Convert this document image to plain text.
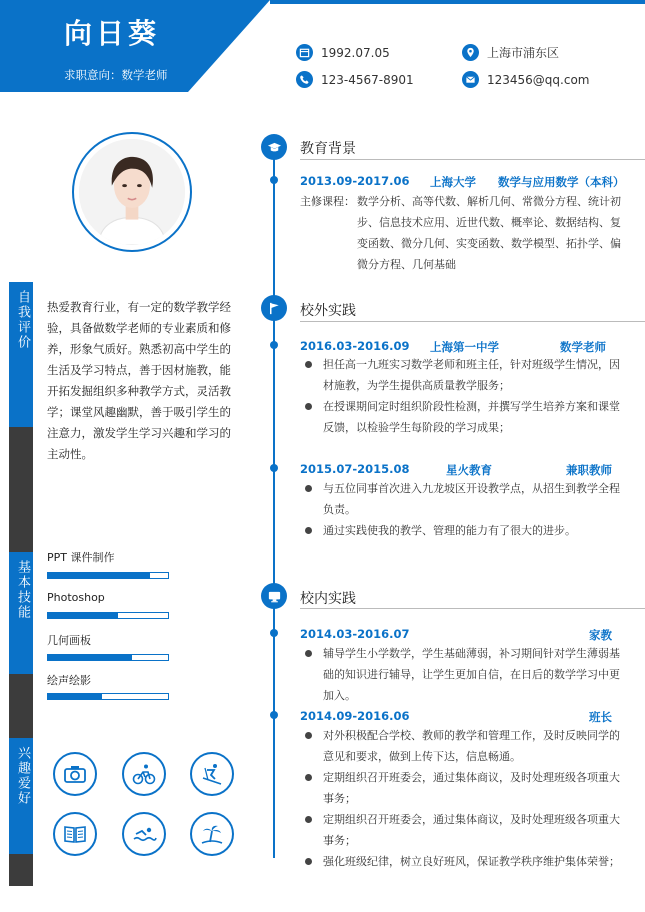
向日葵
求职意向：数学老师
1992.07.05	上海市浦东区
123-4567-8901	123456@qq.com
自我评价
基本技能
兴趣爱好
热爱教育行业，有一定的数学教学经验，具备做数学老师的专业素质和修养，形象气质好。熟悉初高中学生的生活及学习特点，善于因材施教，能开拓发掘组织多种教学方式，灵活教学；课堂风趣幽默，善于吸引学生的注意力，激发学生学习兴趣和学习的主动性。
PPT 课件制作
Photoshop
几何画板
绘声绘影
教育背景
2013.09-2017.06 上海大学 数学与应用数学（本科）
主修课程： 数学分析、高等代数、解析几何、常微分方程、统计初步、信息技术应用、近世代数、概率论、数据结构、复变函数、微分几何、实变函数、数学模型、拓扑学、偏微分方程、几何基础
校外实践
2016.03-2016.09 上海第一中学	数学老师
担任高一九班实习数学老师和班主任，针对班级学生情况，因材施教，为学生提供高质量教学服务；
在授课期间定时组织阶段性检测，并撰写学生培养方案和课堂反馈，以检验学生每阶段的学习成果；
2015.07-2015.08	星火教育	兼职教师
与五位同事首次进入九龙坡区开设教学点，从招生到教学全程负责。
通过实践使我的教学、管理的能力有了很大的进步。
校内实践
2014.03-2016.07	家教
辅导学生小学数学，学生基础薄弱，补习期间针对学生薄弱基础的知识进行辅导，让学生更加自信，在日后的数学学习中更加入。
2014.09-2016.06	班长
对外积极配合学校、教师的教学和管理工作，及时反映同学的意见和要求，做到上传下达，信息畅通。
定期组织召开班委会，通过集体商议，及时处理班级各项重大事务；
定期组织召开班委会，通过集体商议，及时处理班级各项重大事务；
强化班级纪律，树立良好班风，保证教学秩序维护集体荣誉；
